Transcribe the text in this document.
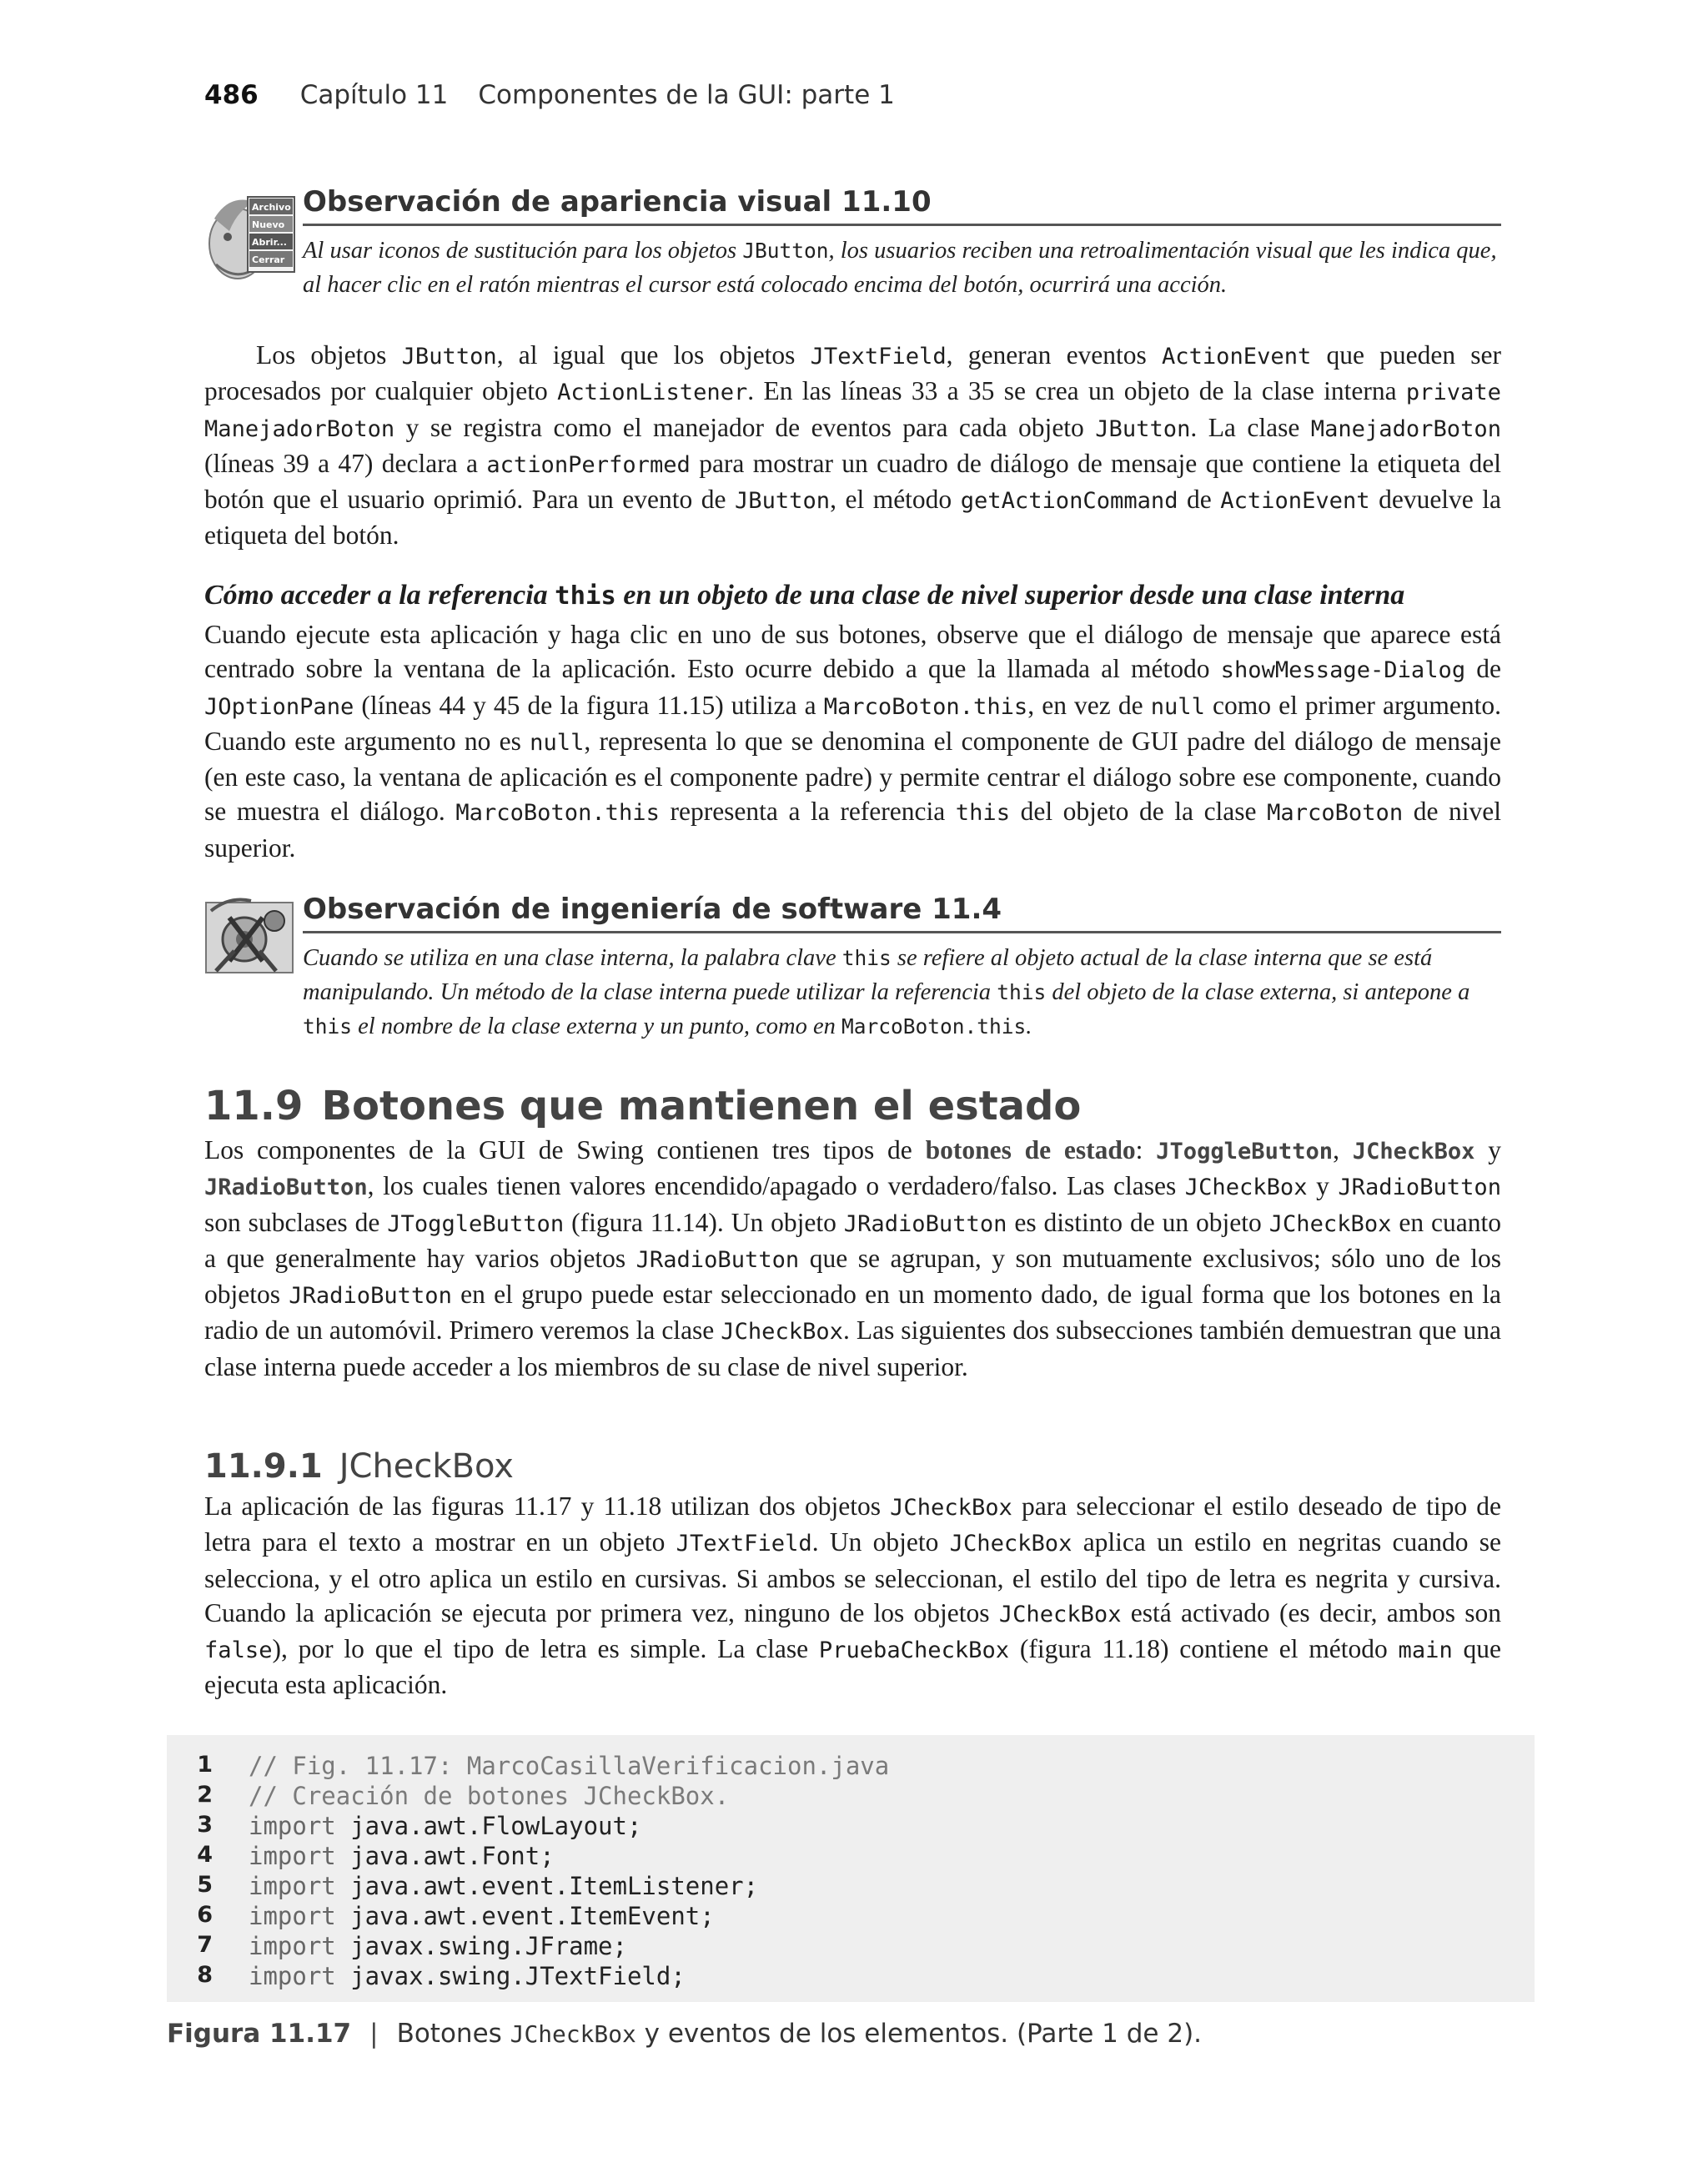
486 Capítulo 11 Componentes de la GUI: parte 1
Archivo
Nuevo
Abrir...
Cerrar
Observación de apariencia visual 11.10
Al usar iconos de sustitución para los objetos JButton, los usuarios reciben una retroalimentación visual que les indica que, al hacer clic en el ratón mientras el cursor está colocado encima del botón, ocurrirá una acción.

Los objetos JButton, al igual que los objetos JTextField, generan eventos ActionEvent que pueden ser procesados por cualquier objeto ActionListener. En las líneas 33 a 35 se crea un objeto de la clase interna private ManejadorBoton y se registra como el manejador de eventos para cada objeto JButton. La clase ManejadorBoton (líneas 39 a 47) declara a actionPerformed para mostrar un cuadro de diálogo de mensaje que contiene la etiqueta del botón que el usuario oprimió. Para un evento de JButton, el método getActionCommand de ActionEvent devuelve la etiqueta del botón.

Cómo acceder a la referencia this en un objeto de una clase de nivel superior desde una clase interna

Cuando ejecute esta aplicación y haga clic en uno de sus botones, observe que el diálogo de mensaje que aparece está centrado sobre la ventana de la aplicación. Esto ocurre debido a que la llamada al método showMessage-Dialog de JOptionPane (líneas 44 y 45 de la figura 11.15) utiliza a MarcoBoton.this, en vez de null como el primer argumento. Cuando este argumento no es null, representa lo que se denomina el componente de GUI padre del diálogo de mensaje (en este caso, la ventana de aplicación es el componente padre) y permite centrar el diálogo sobre ese componente, cuando se muestra el diálogo. MarcoBoton.this representa a la referencia this del objeto de la clase MarcoBoton de nivel superior.

Observación de ingeniería de software 11.4
Cuando se utiliza en una clase interna, la palabra clave this se refiere al objeto actual de la clase interna que se está manipulando. Un método de la clase interna puede utilizar la referencia this del objeto de la clase externa, si antepone a this el nombre de la clase externa y un punto, como en MarcoBoton.this.
11.9 Botones que mantienen el estado

Los componentes de la GUI de Swing contienen tres tipos de botones de estado: JToggleButton, JCheckBox y JRadioButton, los cuales tienen valores encendido/apagado o verdadero/falso. Las clases JCheckBox y JRadioButton son subclases de JToggleButton (figura 11.14). Un objeto JRadioButton es distinto de un objeto JCheckBox en cuanto a que generalmente hay varios objetos JRadioButton que se agrupan, y son mutuamente exclusivos; sólo uno de los objetos JRadioButton en el grupo puede estar seleccionado en un momento dado, de igual forma que los botones en la radio de un automóvil. Primero veremos la clase JCheckBox. Las siguientes dos subsecciones también demuestran que una clase interna puede acceder a los miembros de su clase de nivel superior.

11.9.1 JCheckBox

La aplicación de las figuras 11.17 y 11.18 utilizan dos objetos JCheckBox para seleccionar el estilo deseado de tipo de letra para el texto a mostrar en un objeto JTextField. Un objeto JCheckBox aplica un estilo en negritas cuando se selecciona, y el otro aplica un estilo en cursivas. Si ambos se seleccionan, el estilo del tipo de letra es negrita y cursiva. Cuando la aplicación se ejecuta por primera vez, ninguno de los objetos JCheckBox está activado (es decir, ambos son false), por lo que el tipo de letra es simple. La clase PruebaCheckBox (figura 11.18) contiene el método main que ejecuta esta aplicación.

1 // Fig. 11.17: MarcoCasillaVerificacion.java
2 // Creación de botones JCheckBox.
3 import java.awt.FlowLayout;
4 import java.awt.Font;
5 import java.awt.event.ItemListener;
6 import java.awt.event.ItemEvent;
7 import javax.swing.JFrame;
8 import javax.swing.JTextField;
Figura 11.17 | Botones JCheckBox y eventos de los elementos. (Parte 1 de 2).
